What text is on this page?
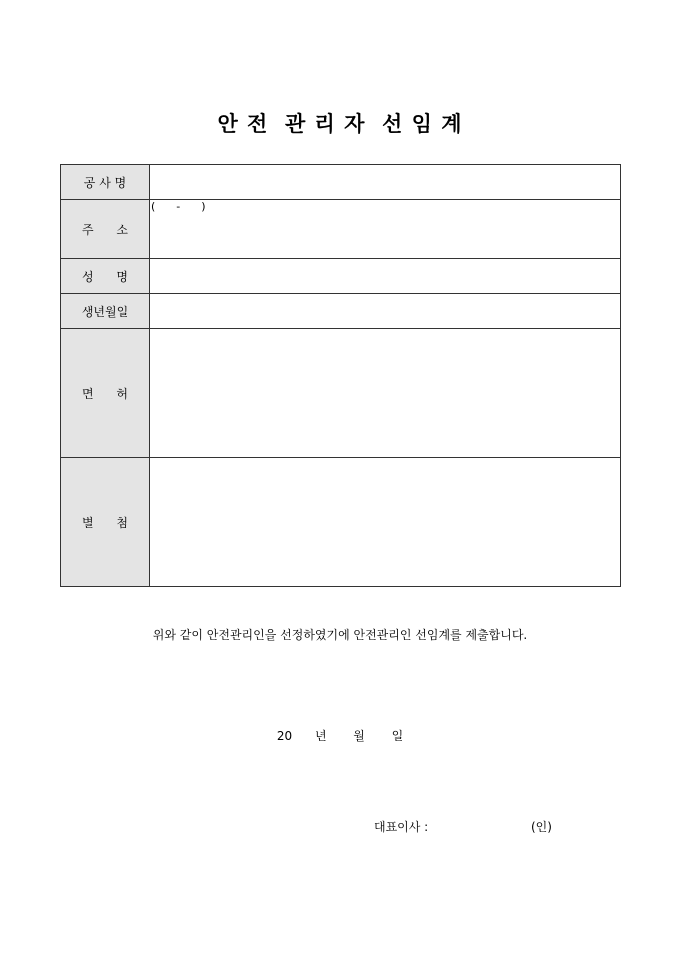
안 전  관 리 자  선 임 계
공 사 명	
주      소	(      -      )

성      명	
생년월일	
면      허	
별      첨	
위와 같이 안전관리인을 선정하였기에 안전관리인 선임계를 제출합니다.
20      년       월       일
대표이사 :	(인)
